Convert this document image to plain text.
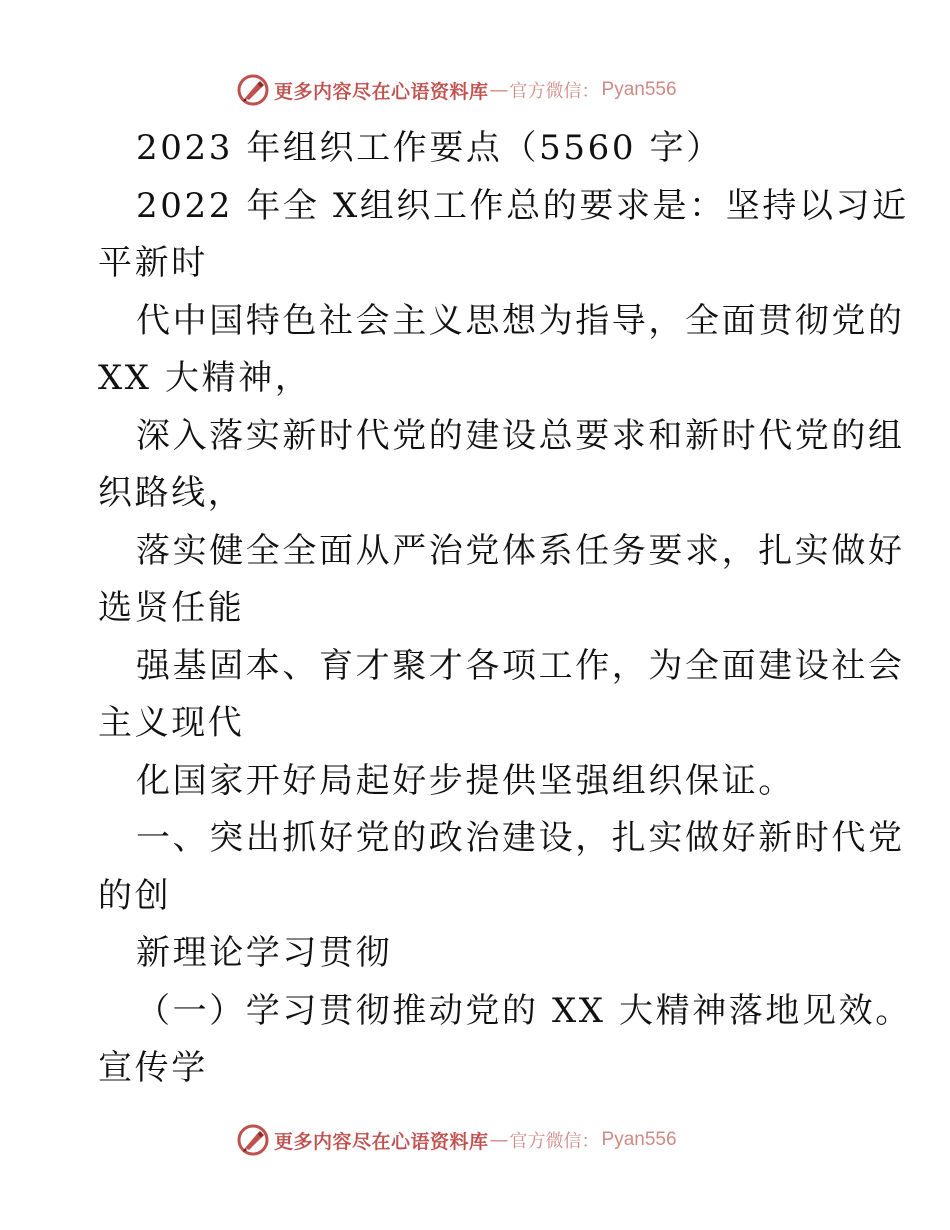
更多内容尽在心语资料库 — 官方微信： Pyan556

2023 年组织工作要点（5560 字）

2022 年全 X组织工作总的要求是：坚持以习近

平新时

代中国特色社会主义思想为指导，全面贯彻党的

XX 大精神，

深入落实新时代党的建设总要求和新时代党的组

织路线，

落实健全全面从严治党体系任务要求，扎实做好

选贤任能

强基固本、育才聚才各项工作，为全面建设社会

主义现代

化国家开好局起好步提供坚强组织保证。

一、突出抓好党的政治建设，扎实做好新时代党

的创

新理论学习贯彻

（一）学习贯彻推动党的 XX 大精神落地见效。

宣传学

更多内容尽在心语资料库 — 官方微信： Pyan556
